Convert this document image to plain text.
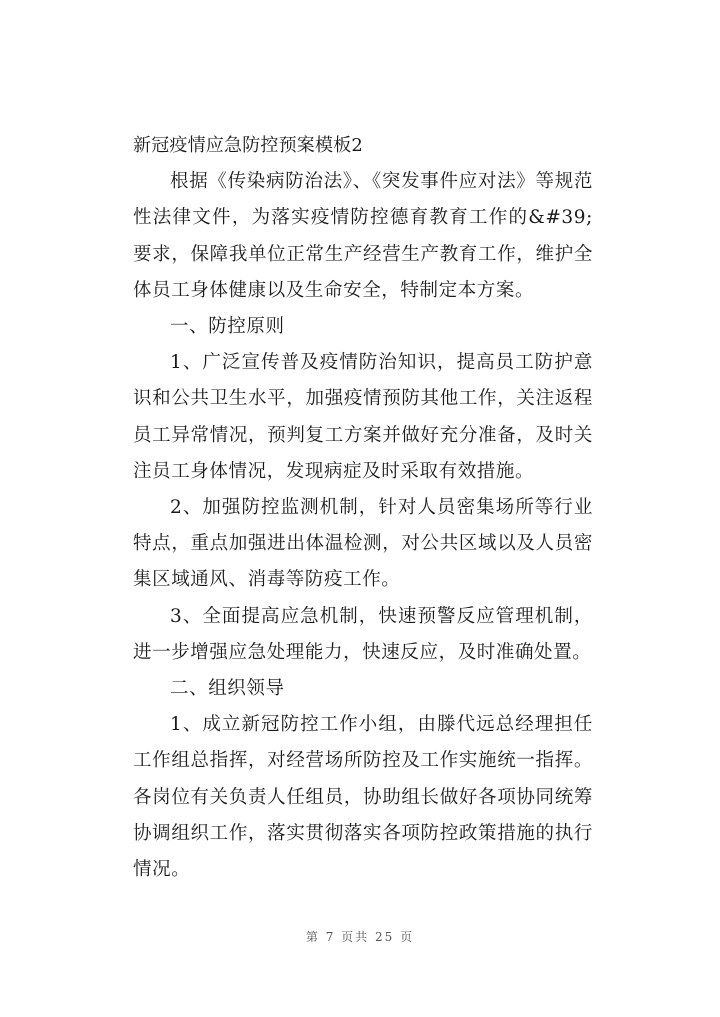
新冠疫情应急防控预案模板2

根据《传染病防治法》、《突发事件应对法》等规范性法律文件，为落实疫情防控德育教育工作的&#39;要求，保障我单位正常生产经营生产教育工作，维护全体员工身体健康以及生命安全，特制定本方案。

一、防控原则

1、广泛宣传普及疫情防治知识，提高员工防护意识和公共卫生水平，加强疫情预防其他工作，关注返程员工异常情况，预判复工方案并做好充分准备，及时关注员工身体情况，发现病症及时采取有效措施。

2、加强防控监测机制，针对人员密集场所等行业特点，重点加强进出体温检测，对公共区域以及人员密集区域通风、消毒等防疫工作。

3、全面提高应急机制，快速预警反应管理机制，进一步增强应急处理能力，快速反应，及时准确处置。

二、组织领导

1、成立新冠防控工作小组，由滕代远总经理担任工作组总指挥，对经营场所防控及工作实施统一指挥。各岗位有关负责人任组员，协助组长做好各项协同统筹协调组织工作，落实贯彻落实各项防控政策措施的执行情况。

第 7 页共 25 页
